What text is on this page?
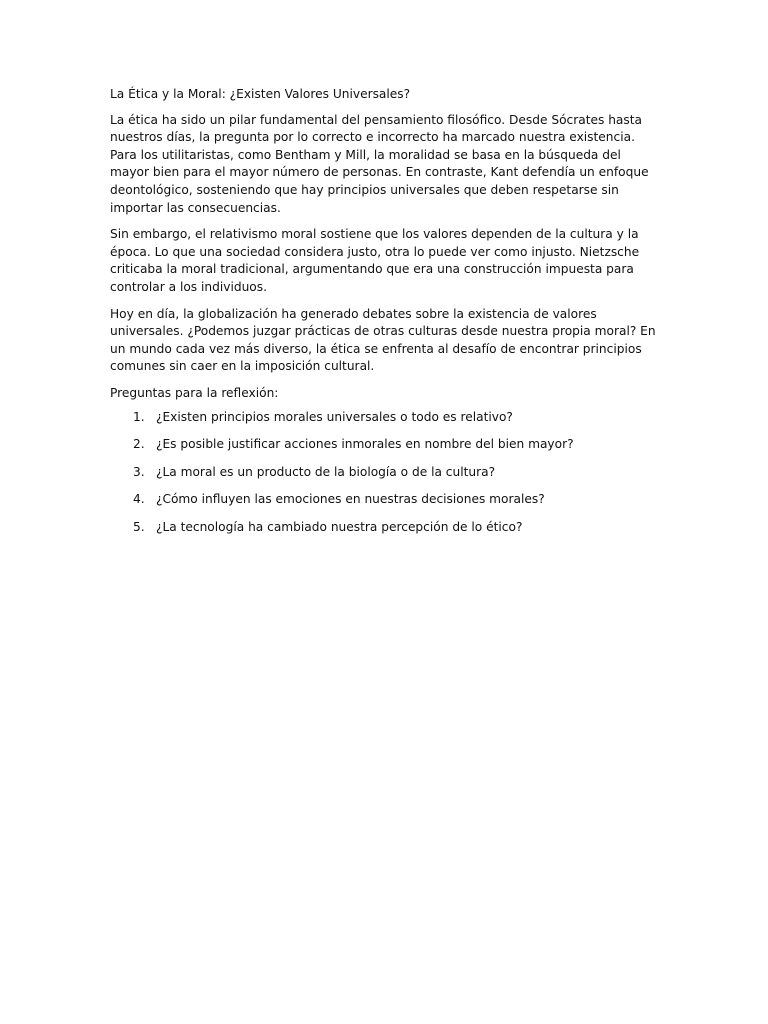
La Ética y la Moral: ¿Existen Valores Universales?

La ética ha sido un pilar fundamental del pensamiento filosófico. Desde Sócrates hasta nuestros días, la pregunta por lo correcto e incorrecto ha marcado nuestra existencia. Para los utilitaristas, como Bentham y Mill, la moralidad se basa en la búsqueda del mayor bien para el mayor número de personas. En contraste, Kant defendía un enfoque deontológico, sosteniendo que hay principios universales que deben respetarse sin importar las consecuencias.

Sin embargo, el relativismo moral sostiene que los valores dependen de la cultura y la época. Lo que una sociedad considera justo, otra lo puede ver como injusto. Nietzsche criticaba la moral tradicional, argumentando que era una construcción impuesta para controlar a los individuos.

Hoy en día, la globalización ha generado debates sobre la existencia de valores universales. ¿Podemos juzgar prácticas de otras culturas desde nuestra propia moral? En un mundo cada vez más diverso, la ética se enfrenta al desafío de encontrar principios comunes sin caer en la imposición cultural.

Preguntas para la reflexión:

1. ¿Existen principios morales universales o todo es relativo?
2. ¿Es posible justificar acciones inmorales en nombre del bien mayor?
3. ¿La moral es un producto de la biología o de la cultura?
4. ¿Cómo influyen las emociones en nuestras decisiones morales?
5. ¿La tecnología ha cambiado nuestra percepción de lo ético?
